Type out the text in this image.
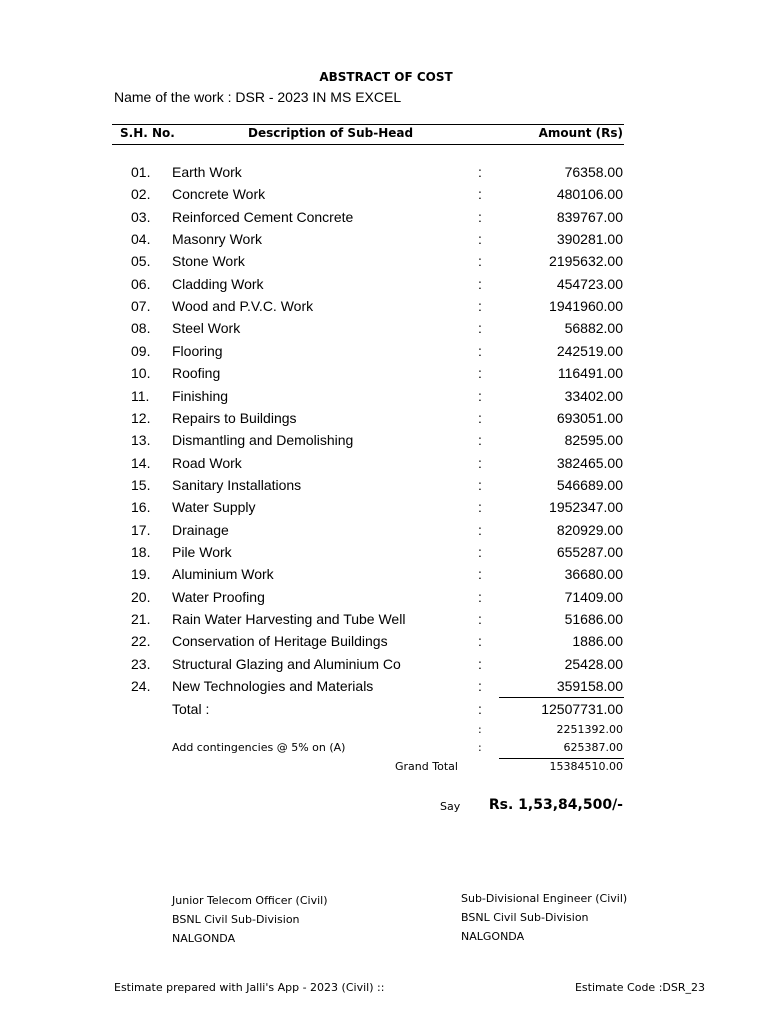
ABSTRACT OF COST
Name of the work : DSR - 2023 IN MS EXCEL
S.H. No.	Description of Sub-Head	Amount (Rs)
01. Earth Work	:	76358.00
02. Concrete Work	:	480106.00
03. Reinforced Cement Concrete	:	839767.00
04. Masonry Work	:	390281.00
05. Stone Work	:	2195632.00
06. Cladding Work	:	454723.00
07. Wood and P.V.C. Work	:	1941960.00
08. Steel Work	:	56882.00
09. Flooring	:	242519.00
10. Roofing	:	116491.00
11. Finishing	:	33402.00
12. Repairs to Buildings	:	693051.00
13. Dismantling and Demolishing	:	82595.00
14. Road Work	:	382465.00
15. Sanitary Installations	:	546689.00
16. Water Supply	:	1952347.00
17. Drainage	:	820929.00
18. Pile Work	:	655287.00
19. Aluminium Work	:	36680.00
20. Water Proofing	:	71409.00
21. Rain Water Harvesting and Tube Well	:	51686.00
22. Conservation of Heritage Buildings	:	1886.00
23. Structural Glazing and Aluminium Co	:	25428.00
24. New Technologies and Materials	:	359158.00
Total :	:	12507731.00
:	2251392.00
Add contingencies @ 5% on (A)	:	625387.00
Grand Total	15384510.00
Say Rs. 1,53,84,500/-
Junior Telecom Officer (Civil)
BSNL Civil Sub-Division
NALGONDA
Sub-Divisional Engineer (Civil)
BSNL Civil Sub-Division
NALGONDA
Estimate prepared with Jalli's App - 2023 (Civil) ::	Estimate Code :DSR_23
